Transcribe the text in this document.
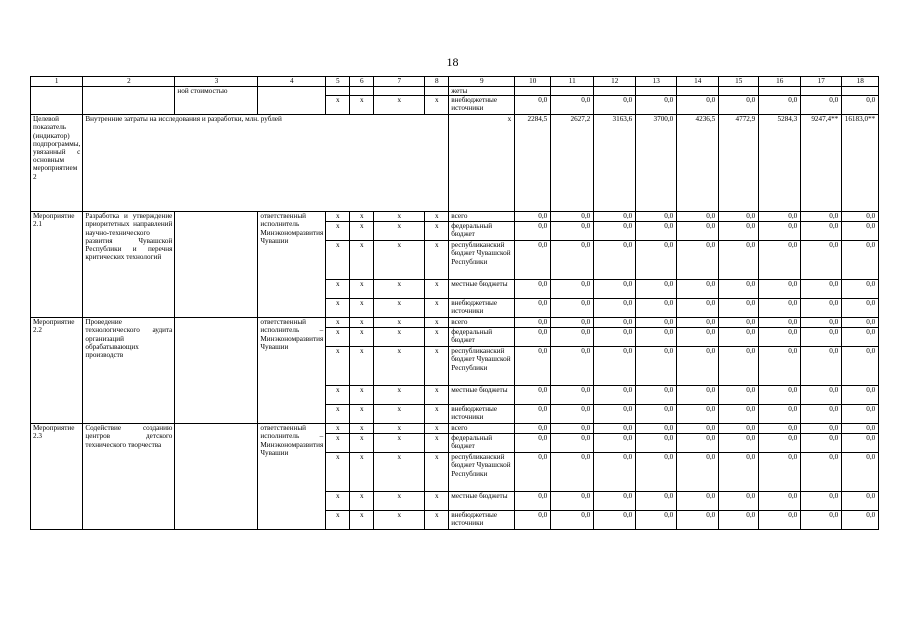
18
1	2	3	4	5	6	7	8	9	10	11	12	13	14	15	16	17	18
		ной стоимостью						жеты									
				x	x	x	x	внебюджетные источники	0,0	0,0	0,0	0,0	0,0	0,0	0,0	0,0	0,0
Целевой показатель (индикатор) подпрограммы, увязанный с основным мероприятием 2	Внутренние затраты на исследования и разработки, млн. рублей							x	2284,5	2627,2	3163,6	3700,0	4236,5	4772,9	5284,3	9247,4**	16183,0**
Мероприятие 2.1	Разработка и утверждение приоритетных направлений научно-технического развития Чувашской Республики и перечня критических технологий		ответственный исполнитель Минэкономразвития Чувашии	x	x	x	x	всего	0,0	0,0	0,0	0,0	0,0	0,0	0,0	0,0	0,0
				x	x	x	x	федеральный бюджет	0,0	0,0	0,0	0,0	0,0	0,0	0,0	0,0	0,0
				x	x	x	x	республиканский бюджет Чувашской Республики	0,0	0,0	0,0	0,0	0,0	0,0	0,0	0,0	0,0
				x	x	x	x	местные бюджеты	0,0	0,0	0,0	0,0	0,0	0,0	0,0	0,0	0,0
				x	x	x	x	внебюджетные источники	0,0	0,0	0,0	0,0	0,0	0,0	0,0	0,0	0,0
Мероприятие 2.2	Проведение технологического аудита организаций обрабатывающих производств		ответственный исполнитель – Минэкономразвития Чувашии	x	x	x	x	всего	0,0	0,0	0,0	0,0	0,0	0,0	0,0	0,0	0,0
				x	x	x	x	федеральный бюджет	0,0	0,0	0,0	0,0	0,0	0,0	0,0	0,0	0,0
				x	x	x	x	республиканский бюджет Чувашской Республики	0,0	0,0	0,0	0,0	0,0	0,0	0,0	0,0	0,0
				x	x	x	x	местные бюджеты	0,0	0,0	0,0	0,0	0,0	0,0	0,0	0,0	0,0
				x	x	x	x	внебюджетные источники	0,0	0,0	0,0	0,0	0,0	0,0	0,0	0,0	0,0
Мероприятие 2.3	Содействие созданию центров детского технического творчества		ответственный исполнитель – Минэкономразвития Чувашии	x	x	x	x	всего	0,0	0,0	0,0	0,0	0,0	0,0	0,0	0,0	0,0
				x	x	x	x	федеральный бюджет	0,0	0,0	0,0	0,0	0,0	0,0	0,0	0,0	0,0
				x	x	x	x	республиканский бюджет Чувашской Республики	0,0	0,0	0,0	0,0	0,0	0,0	0,0	0,0	0,0
				x	x	x	x	местные бюджеты	0,0	0,0	0,0	0,0	0,0	0,0	0,0	0,0	0,0
				x	x	x	x	внебюджетные источники	0,0	0,0	0,0	0,0	0,0	0,0	0,0	0,0	0,0
